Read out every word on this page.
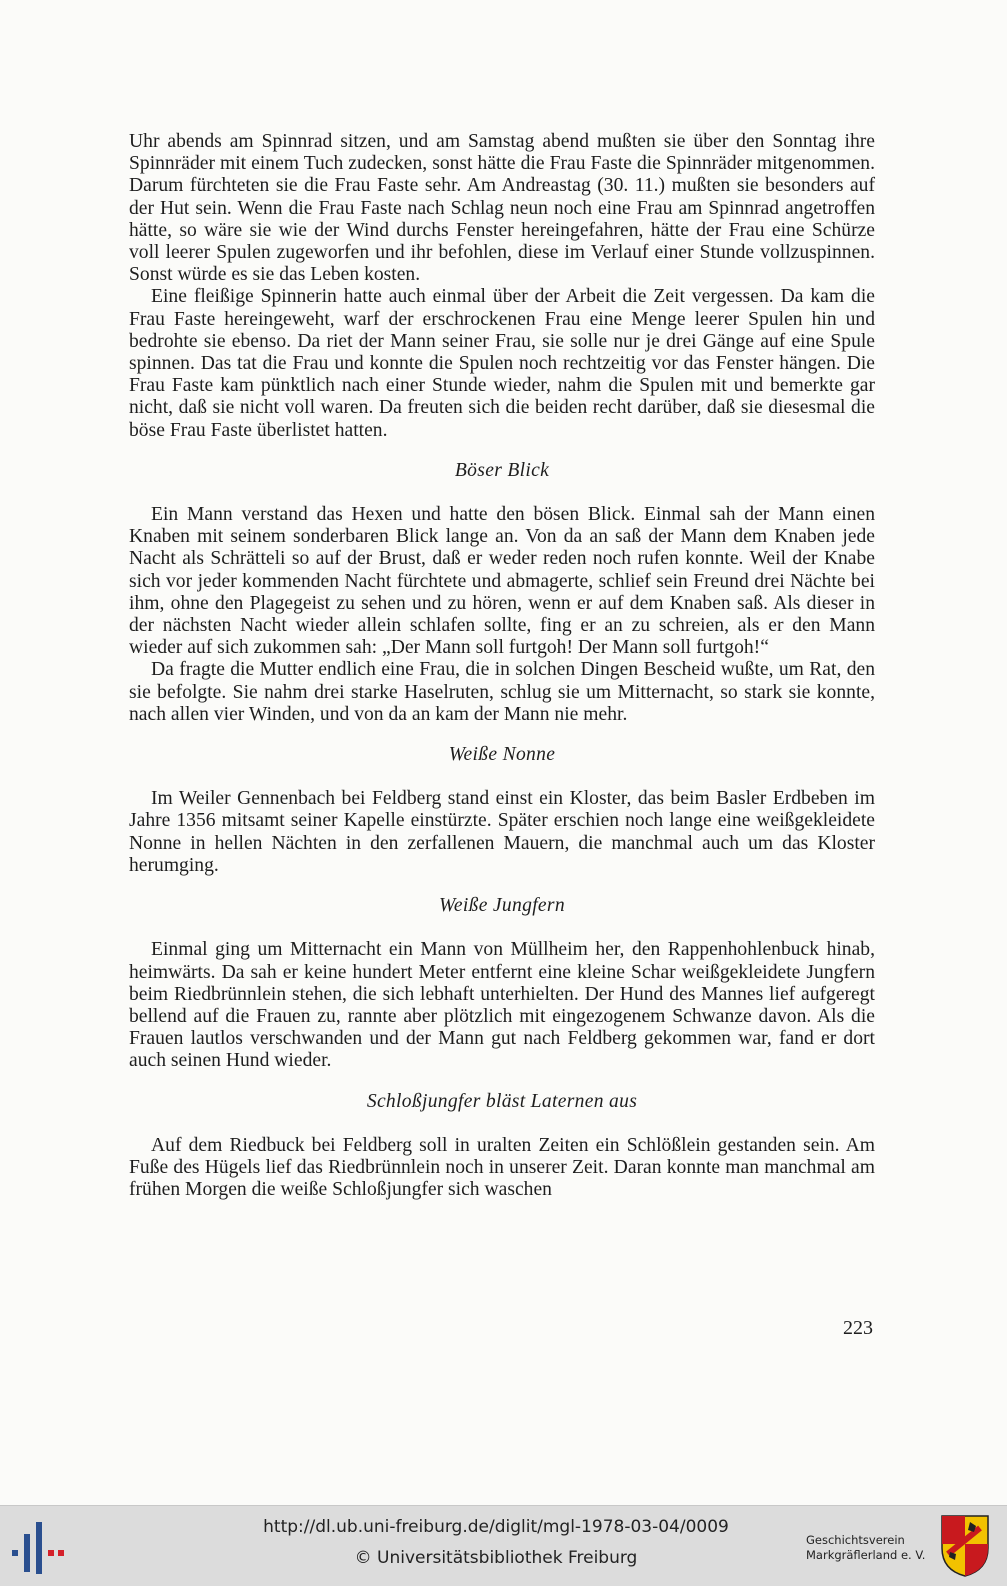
Uhr abends am Spinnrad sitzen, und am Samstag abend mußten sie über den Sonntag ihre Spinnräder mit einem Tuch zudecken, sonst hätte die Frau Faste die Spinnräder mitgenommen. Darum fürchteten sie die Frau Faste sehr. Am Andreastag (30. 11.) mußten sie besonders auf der Hut sein. Wenn die Frau Faste nach Schlag neun noch eine Frau am Spinnrad angetroffen hätte, so wäre sie wie der Wind durchs Fenster hereingefahren, hätte der Frau eine Schürze voll leerer Spulen zugeworfen und ihr befohlen, diese im Verlauf einer Stunde vollzuspinnen. Sonst würde es sie das Leben kosten.

Eine fleißige Spinnerin hatte auch einmal über der Arbeit die Zeit vergessen. Da kam die Frau Faste hereingeweht, warf der erschrockenen Frau eine Menge leerer Spulen hin und bedrohte sie ebenso. Da riet der Mann seiner Frau, sie solle nur je drei Gänge auf eine Spule spinnen. Das tat die Frau und konnte die Spulen noch rechtzeitig vor das Fenster hängen. Die Frau Faste kam pünktlich nach einer Stunde wieder, nahm die Spulen mit und bemerkte gar nicht, daß sie nicht voll waren. Da freuten sich die beiden recht darüber, daß sie diesesmal die böse Frau Faste überlistet hatten.

Böser Blick

Ein Mann verstand das Hexen und hatte den bösen Blick. Einmal sah der Mann einen Knaben mit seinem sonderbaren Blick lange an. Von da an saß der Mann dem Knaben jede Nacht als Schrätteli so auf der Brust, daß er weder reden noch rufen konnte. Weil der Knabe sich vor jeder kommenden Nacht fürchtete und abmagerte, schlief sein Freund drei Nächte bei ihm, ohne den Plagegeist zu sehen und zu hören, wenn er auf dem Knaben saß. Als dieser in der nächsten Nacht wieder allein schlafen sollte, fing er an zu schreien, als er den Mann wieder auf sich zukommen sah: „Der Mann soll furtgoh! Der Mann soll furtgoh!“

Da fragte die Mutter endlich eine Frau, die in solchen Dingen Bescheid wußte, um Rat, den sie befolgte. Sie nahm drei starke Haselruten, schlug sie um Mitternacht, so stark sie konnte, nach allen vier Winden, und von da an kam der Mann nie mehr.

Weiße Nonne

Im Weiler Gennenbach bei Feldberg stand einst ein Kloster, das beim Basler Erdbeben im Jahre 1356 mitsamt seiner Kapelle einstürzte. Später erschien noch lange eine weißgekleidete Nonne in hellen Nächten in den zerfallenen Mauern, die manchmal auch um das Kloster herumging.

Weiße Jungfern

Einmal ging um Mitternacht ein Mann von Müllheim her, den Rappenhohlenbuck hinab, heimwärts. Da sah er keine hundert Meter entfernt eine kleine Schar weißgekleidete Jungfern beim Riedbrünnlein stehen, die sich lebhaft unterhielten. Der Hund des Mannes lief aufgeregt bellend auf die Frauen zu, rannte aber plötzlich mit eingezogenem Schwanze davon. Als die Frauen lautlos verschwanden und der Mann gut nach Feldberg gekommen war, fand er dort auch seinen Hund wieder.

Schloßjungfer bläst Laternen aus

Auf dem Riedbuck bei Feldberg soll in uralten Zeiten ein Schlößlein gestanden sein. Am Fuße des Hügels lief das Riedbrünnlein noch in unserer Zeit. Daran konnte man manchmal am frühen Morgen die weiße Schloßjungfer sich waschen

223
http://dl.ub.uni-freiburg.de/diglit/mgl-1978-03-04/0009
© Universitätsbibliothek Freiburg
Geschichtsverein
Markgräflerland e. V.
